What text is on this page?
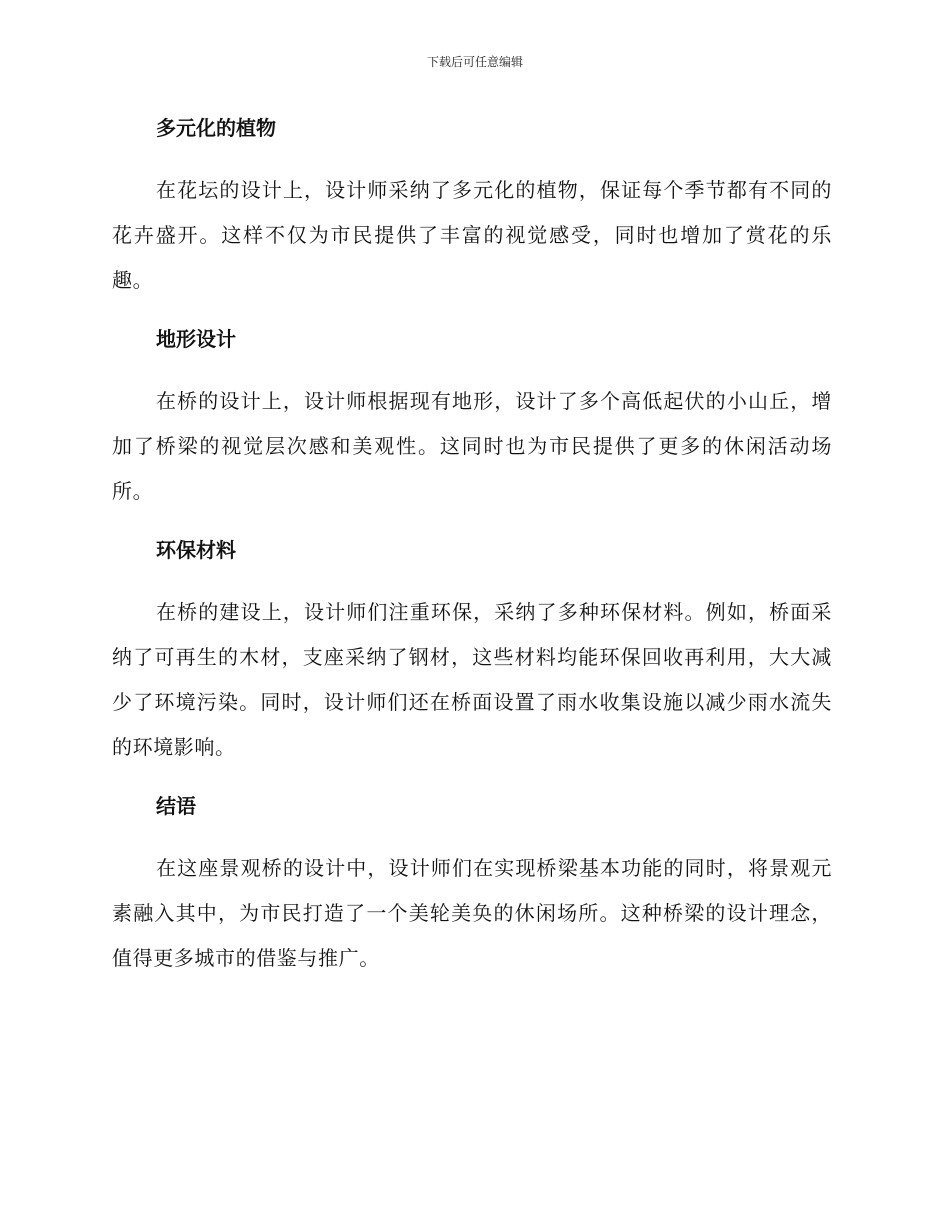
下载后可任意编辑
多元化的植物

在花坛的设计上，设计师采纳了多元化的植物，保证每个季节都有不同的花卉盛开。这样不仅为市民提供了丰富的视觉感受，同时也增加了赏花的乐趣。

地形设计

在桥的设计上，设计师根据现有地形，设计了多个高低起伏的小山丘，增加了桥梁的视觉层次感和美观性。这同时也为市民提供了更多的休闲活动场所。

环保材料

在桥的建设上，设计师们注重环保，采纳了多种环保材料。例如，桥面采纳了可再生的木材，支座采纳了钢材，这些材料均能环保回收再利用，大大减少了环境污染。同时，设计师们还在桥面设置了雨水收集设施以减少雨水流失的环境影响。

结语

在这座景观桥的设计中，设计师们在实现桥梁基本功能的同时，将景观元素融入其中，为市民打造了一个美轮美奂的休闲场所。这种桥梁的设计理念，值得更多城市的借鉴与推广。
